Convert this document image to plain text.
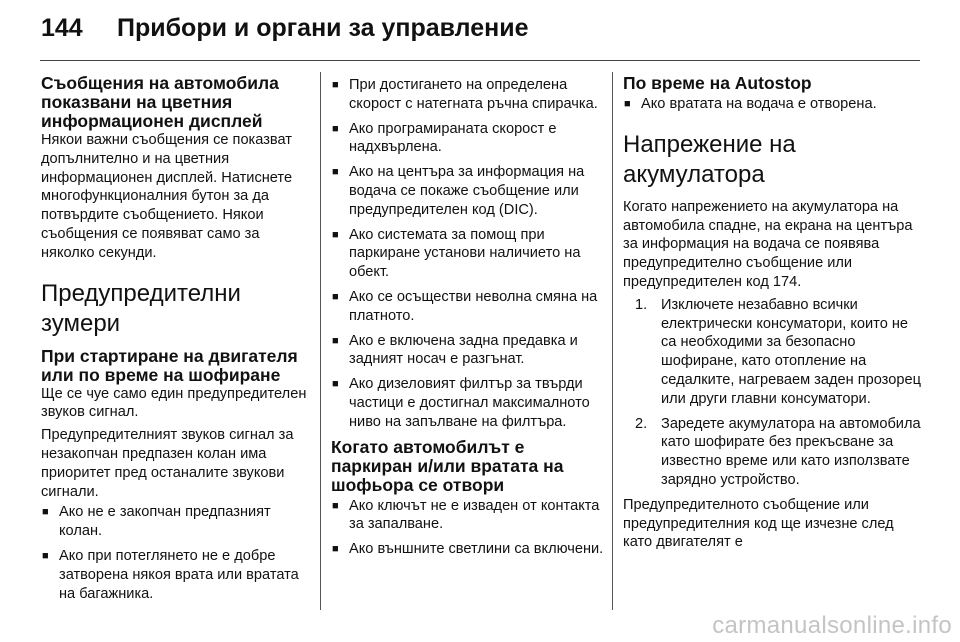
144	Прибори и органи за управление
Съобщения на автомобила показвани на цветния информационен дисплей

Някои важни съобщения се показват допълнително и на цветния информационен дисплей. Натиснете многофункционалния бутон за да потвърдите съобщението. Някои съобщения се появяват само за няколко секунди.

Предупредителни зумери
При стартиране на двигателя или по време на шофиране

Ще се чуе само един предупредителен звуков сигнал.

Предупредителният звуков сигнал за незакопчан предпазен колан има приоритет пред останалите звукови сигнали.

■ Ако не е закопчан предпазният колан.
■ Ако при потеглянето не е добре затворена някоя врата или вратата на багажника.
■ При достигането на определена скорост с натегната ръчна спирачка.
■ Ако програмираната скорост е надхвърлена.
■ Ако на центъра за информация на водача се покаже съобщение или предупредителен код (DIC).
■ Ако системата за помощ при паркиране установи наличието на обект.
■ Ако се осъществи неволна смяна на платното.
■ Ако е включена задна предавка и задният носач е разгънат.
■ Ако дизеловият филтър за твърди частици е достигнал максималното ниво на запълване на филтъра.
Когато автомобилът е паркиран и/или вратата на шофьора се отвори
■ Ако ключът не е изваден от контакта за запалване.
■ Ако външните светлини са включени.
По време на Autostop
■ Ако вратата на водача е отворена.
Напрежение на акумулатора

Когато напрежението на акумулатора на автомобила спадне, на екрана на центъра за информация на водача се появява предупредително съобщение или предупредителен код 174.

1. Изключете незабавно всички електрически консуматори, които не са необходими за безопасно шофиране, като отопление на седалките, нагреваем заден прозорец или други главни консуматори.
2. Заредете акумулатора на автомобила като шофирате без прекъсване за известно време или като използвате зарядно устройство.

Предупредителното съобщение или предупредителния код ще изчезне след като двигателят е

carmanualsonline.info
